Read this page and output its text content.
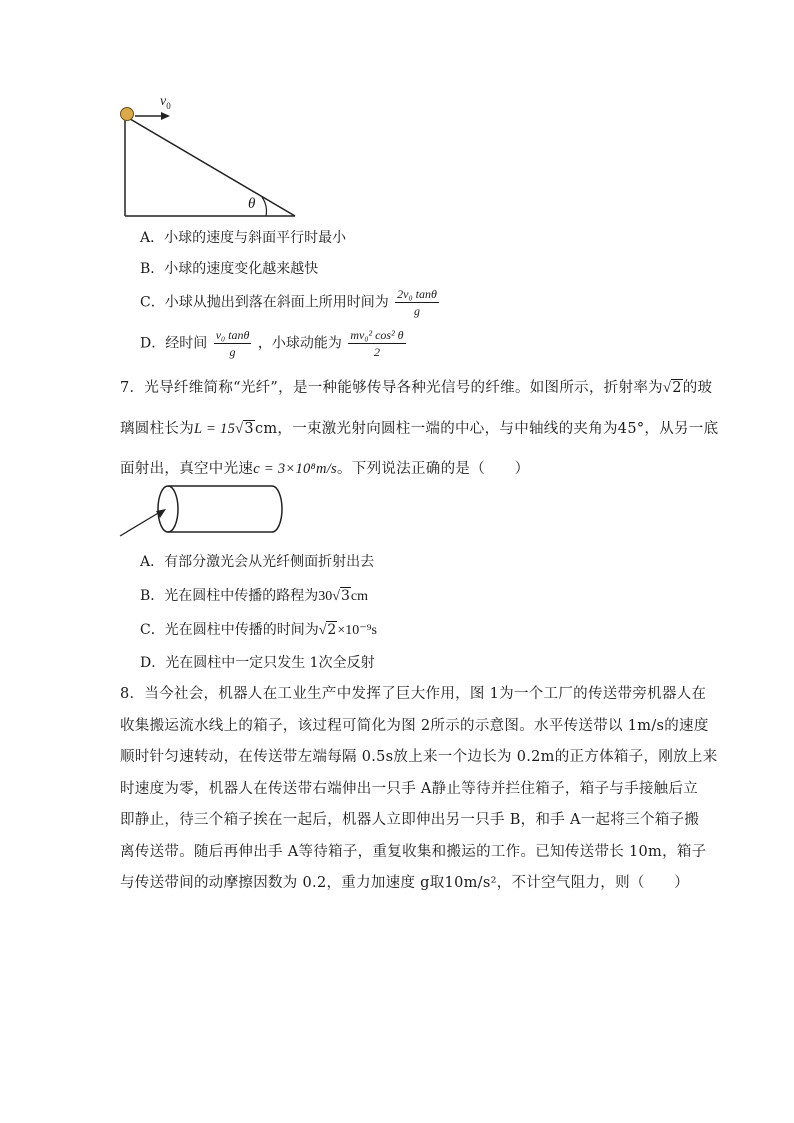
$v_0$
θ
A．小球的速度与斜面平行时最小
B．小球的速度变化越来越快
C．小球从抛出到落在斜面上所用时间为 $\frac{\text{2v₀ tanθ}}{g}$
D．经时间 $\frac{\text{v₀ tanθ}}{g}$ ，小球动能为 $\frac{\text{mv₀² cos² θ}}{2}$
7．光导纤维简称“光纤”，是一种能够传导各种光信号的纤维。如图所示，折射率为√2的玻
璃圆柱长为L = 15√3cm，一束激光射向圆柱一端的中心，与中轴线的夹角为45°，从另一底
面射出，真空中光速c = 3×10⁸m/s。下列说法正确的是（　　）
A．有部分激光会从光纤侧面折射出去
B．光在圆柱中传播的路程为30√3cm
C．光在圆柱中传播的时间为√2×10⁻⁹s
D．光在圆柱中一定只发生 1次全反射
8．当今社会，机器人在工业生产中发挥了巨大作用，图 1为一个工厂的传送带旁机器人在
收集搬运流水线上的箱子，该过程可简化为图 2所示的示意图。水平传送带以 1m/s的速度
顺时针匀速转动，在传送带左端每隔 0.5s放上来一个边长为 0.2m的正方体箱子，刚放上来
时速度为零，机器人在传送带右端伸出一只手 A静止等待并拦住箱子，箱子与手接触后立
即静止，待三个箱子挨在一起后，机器人立即伸出另一只手 B，和手 A一起将三个箱子搬
离传送带。随后再伸出手 A等待箱子，重复收集和搬运的工作。已知传送带长 10m，箱子
与传送带间的动摩擦因数为 0.2，重力加速度 g取10m/s²，不计空气阻力，则（　　）
